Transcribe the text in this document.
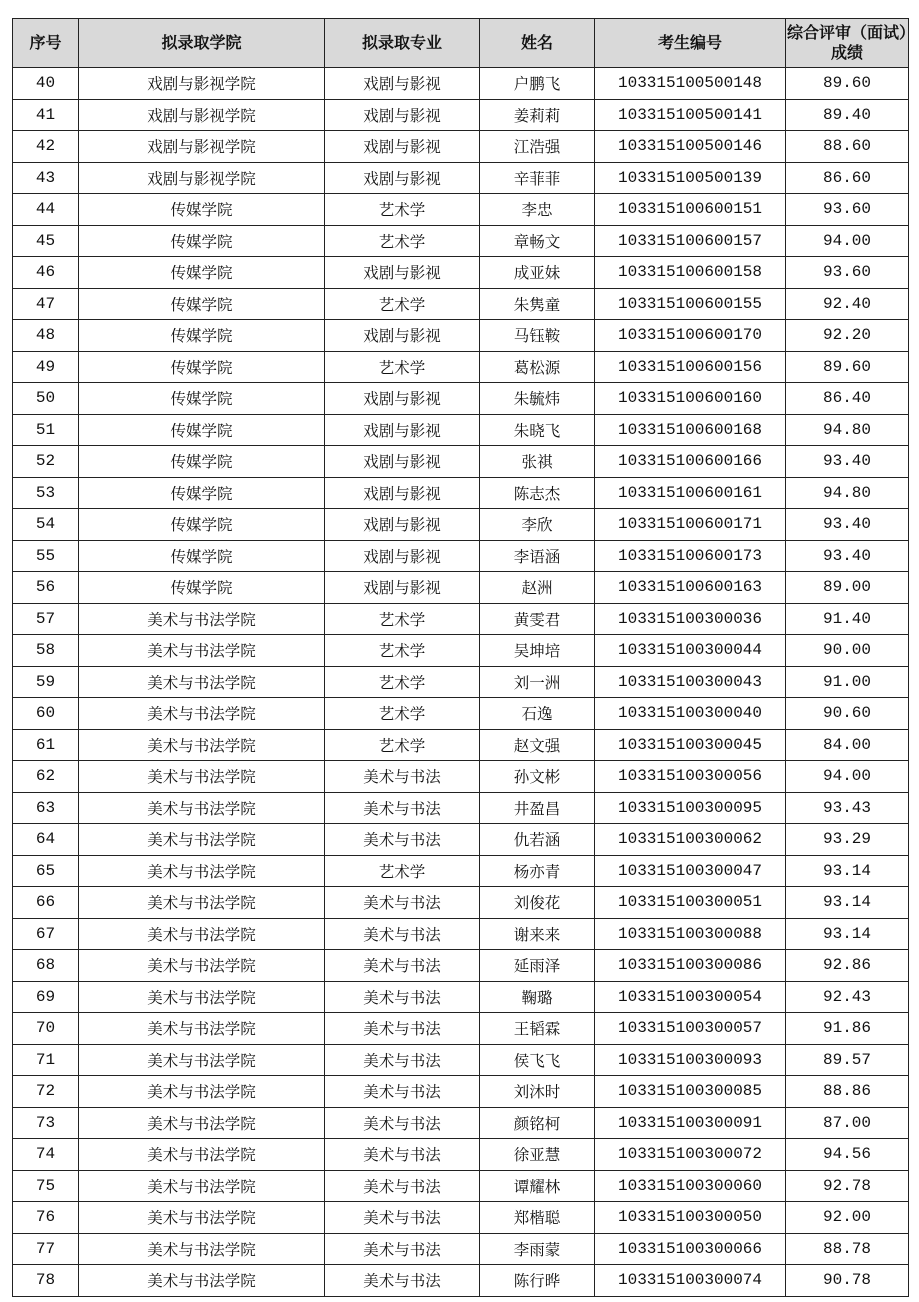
序号	拟录取学院	拟录取专业	姓名	考生编号	综合评审（面试）成绩
40	戏剧与影视学院	戏剧与影视	户鹏飞	103315100500148	89.60
41	戏剧与影视学院	戏剧与影视	姜莉莉	103315100500141	89.40
42	戏剧与影视学院	戏剧与影视	江浩强	103315100500146	88.60
43	戏剧与影视学院	戏剧与影视	辛菲菲	103315100500139	86.60
44	传媒学院	艺术学	李忠	103315100600151	93.60
45	传媒学院	艺术学	章畅文	103315100600157	94.00
46	传媒学院	戏剧与影视	成亚妹	103315100600158	93.60
47	传媒学院	艺术学	朱隽童	103315100600155	92.40
48	传媒学院	戏剧与影视	马钰鞍	103315100600170	92.20
49	传媒学院	艺术学	葛松源	103315100600156	89.60
50	传媒学院	戏剧与影视	朱毓炜	103315100600160	86.40
51	传媒学院	戏剧与影视	朱晓飞	103315100600168	94.80
52	传媒学院	戏剧与影视	张祺	103315100600166	93.40
53	传媒学院	戏剧与影视	陈志杰	103315100600161	94.80
54	传媒学院	戏剧与影视	李欣	103315100600171	93.40
55	传媒学院	戏剧与影视	李语涵	103315100600173	93.40
56	传媒学院	戏剧与影视	赵洲	103315100600163	89.00
57	美术与书法学院	艺术学	黄雯君	103315100300036	91.40
58	美术与书法学院	艺术学	吴坤培	103315100300044	90.00
59	美术与书法学院	艺术学	刘一洲	103315100300043	91.00
60	美术与书法学院	艺术学	石逸	103315100300040	90.60
61	美术与书法学院	艺术学	赵文强	103315100300045	84.00
62	美术与书法学院	美术与书法	孙文彬	103315100300056	94.00
63	美术与书法学院	美术与书法	井盈昌	103315100300095	93.43
64	美术与书法学院	美术与书法	仇若涵	103315100300062	93.29
65	美术与书法学院	艺术学	杨亦青	103315100300047	93.14
66	美术与书法学院	美术与书法	刘俊花	103315100300051	93.14
67	美术与书法学院	美术与书法	谢来来	103315100300088	93.14
68	美术与书法学院	美术与书法	延雨泽	103315100300086	92.86
69	美术与书法学院	美术与书法	鞠璐	103315100300054	92.43
70	美术与书法学院	美术与书法	王韬霖	103315100300057	91.86
71	美术与书法学院	美术与书法	侯飞飞	103315100300093	89.57
72	美术与书法学院	美术与书法	刘沐时	103315100300085	88.86
73	美术与书法学院	美术与书法	颜铭柯	103315100300091	87.00
74	美术与书法学院	美术与书法	徐亚慧	103315100300072	94.56
75	美术与书法学院	美术与书法	谭耀林	103315100300060	92.78
76	美术与书法学院	美术与书法	郑楷聪	103315100300050	92.00
77	美术与书法学院	美术与书法	李雨蒙	103315100300066	88.78
78	美术与书法学院	美术与书法	陈行晔	103315100300074	90.78
